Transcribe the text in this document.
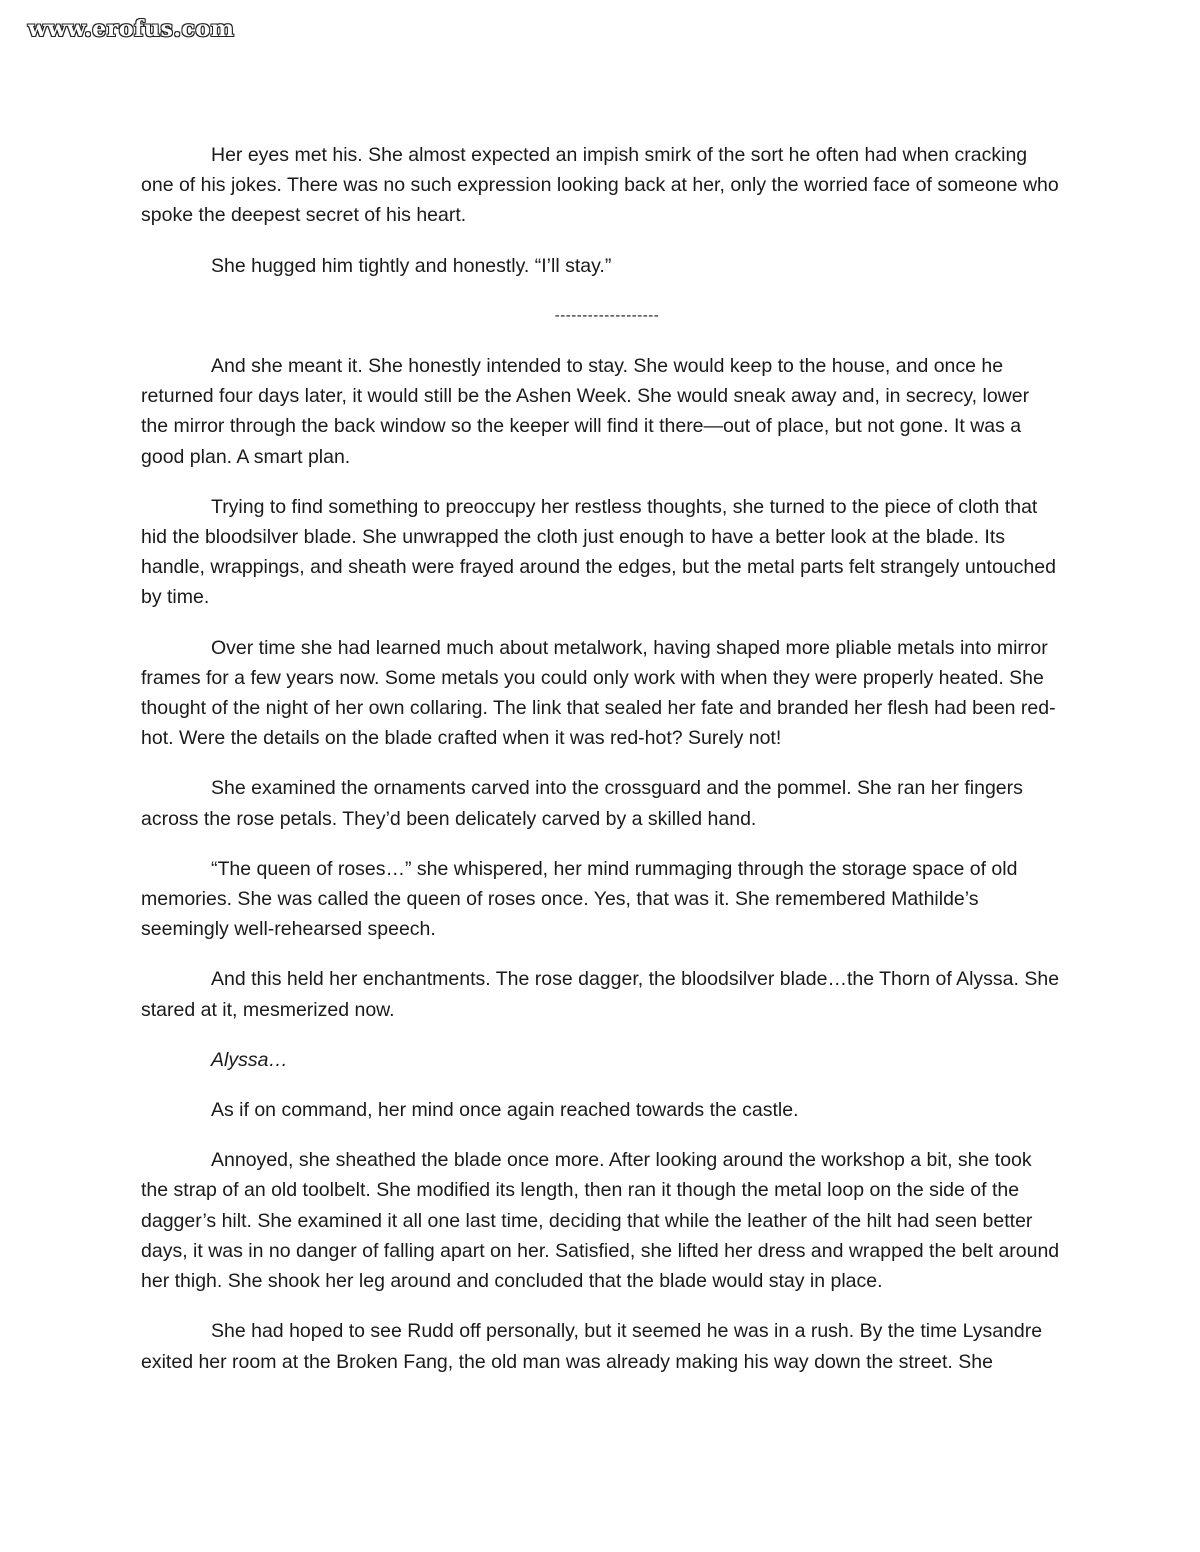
www.erofus.com

Her eyes met his. She almost expected an impish smirk of the sort he often had when cracking one of his jokes. There was no such expression looking back at her, only the worried face of someone who spoke the deepest secret of his heart.

She hugged him tightly and honestly. “I’ll stay.”

-------------------

And she meant it. She honestly intended to stay. She would keep to the house, and once he returned four days later, it would still be the Ashen Week. She would sneak away and, in secrecy, lower the mirror through the back window so the keeper will find it there—out of place, but not gone. It was a good plan. A smart plan.

Trying to find something to preoccupy her restless thoughts, she turned to the piece of cloth that hid the bloodsilver blade. She unwrapped the cloth just enough to have a better look at the blade. Its handle, wrappings, and sheath were frayed around the edges, but the metal parts felt strangely untouched by time.

Over time she had learned much about metalwork, having shaped more pliable metals into mirror frames for a few years now. Some metals you could only work with when they were properly heated. She thought of the night of her own collaring. The link that sealed her fate and branded her flesh had been red-hot. Were the details on the blade crafted when it was red-hot? Surely not!

She examined the ornaments carved into the crossguard and the pommel. She ran her fingers across the rose petals. They’d been delicately carved by a skilled hand.

“The queen of roses…” she whispered, her mind rummaging through the storage space of old memories. She was called the queen of roses once. Yes, that was it. She remembered Mathilde’s seemingly well-rehearsed speech.

And this held her enchantments. The rose dagger, the bloodsilver blade…the Thorn of Alyssa. She stared at it, mesmerized now.

Alyssa…

As if on command, her mind once again reached towards the castle.

Annoyed, she sheathed the blade once more. After looking around the workshop a bit, she took the strap of an old toolbelt. She modified its length, then ran it though the metal loop on the side of the dagger’s hilt. She examined it all one last time, deciding that while the leather of the hilt had seen better days, it was in no danger of falling apart on her. Satisfied, she lifted her dress and wrapped the belt around her thigh. She shook her leg around and concluded that the blade would stay in place.

She had hoped to see Rudd off personally, but it seemed he was in a rush. By the time Lysandre exited her room at the Broken Fang, the old man was already making his way down the street. She
